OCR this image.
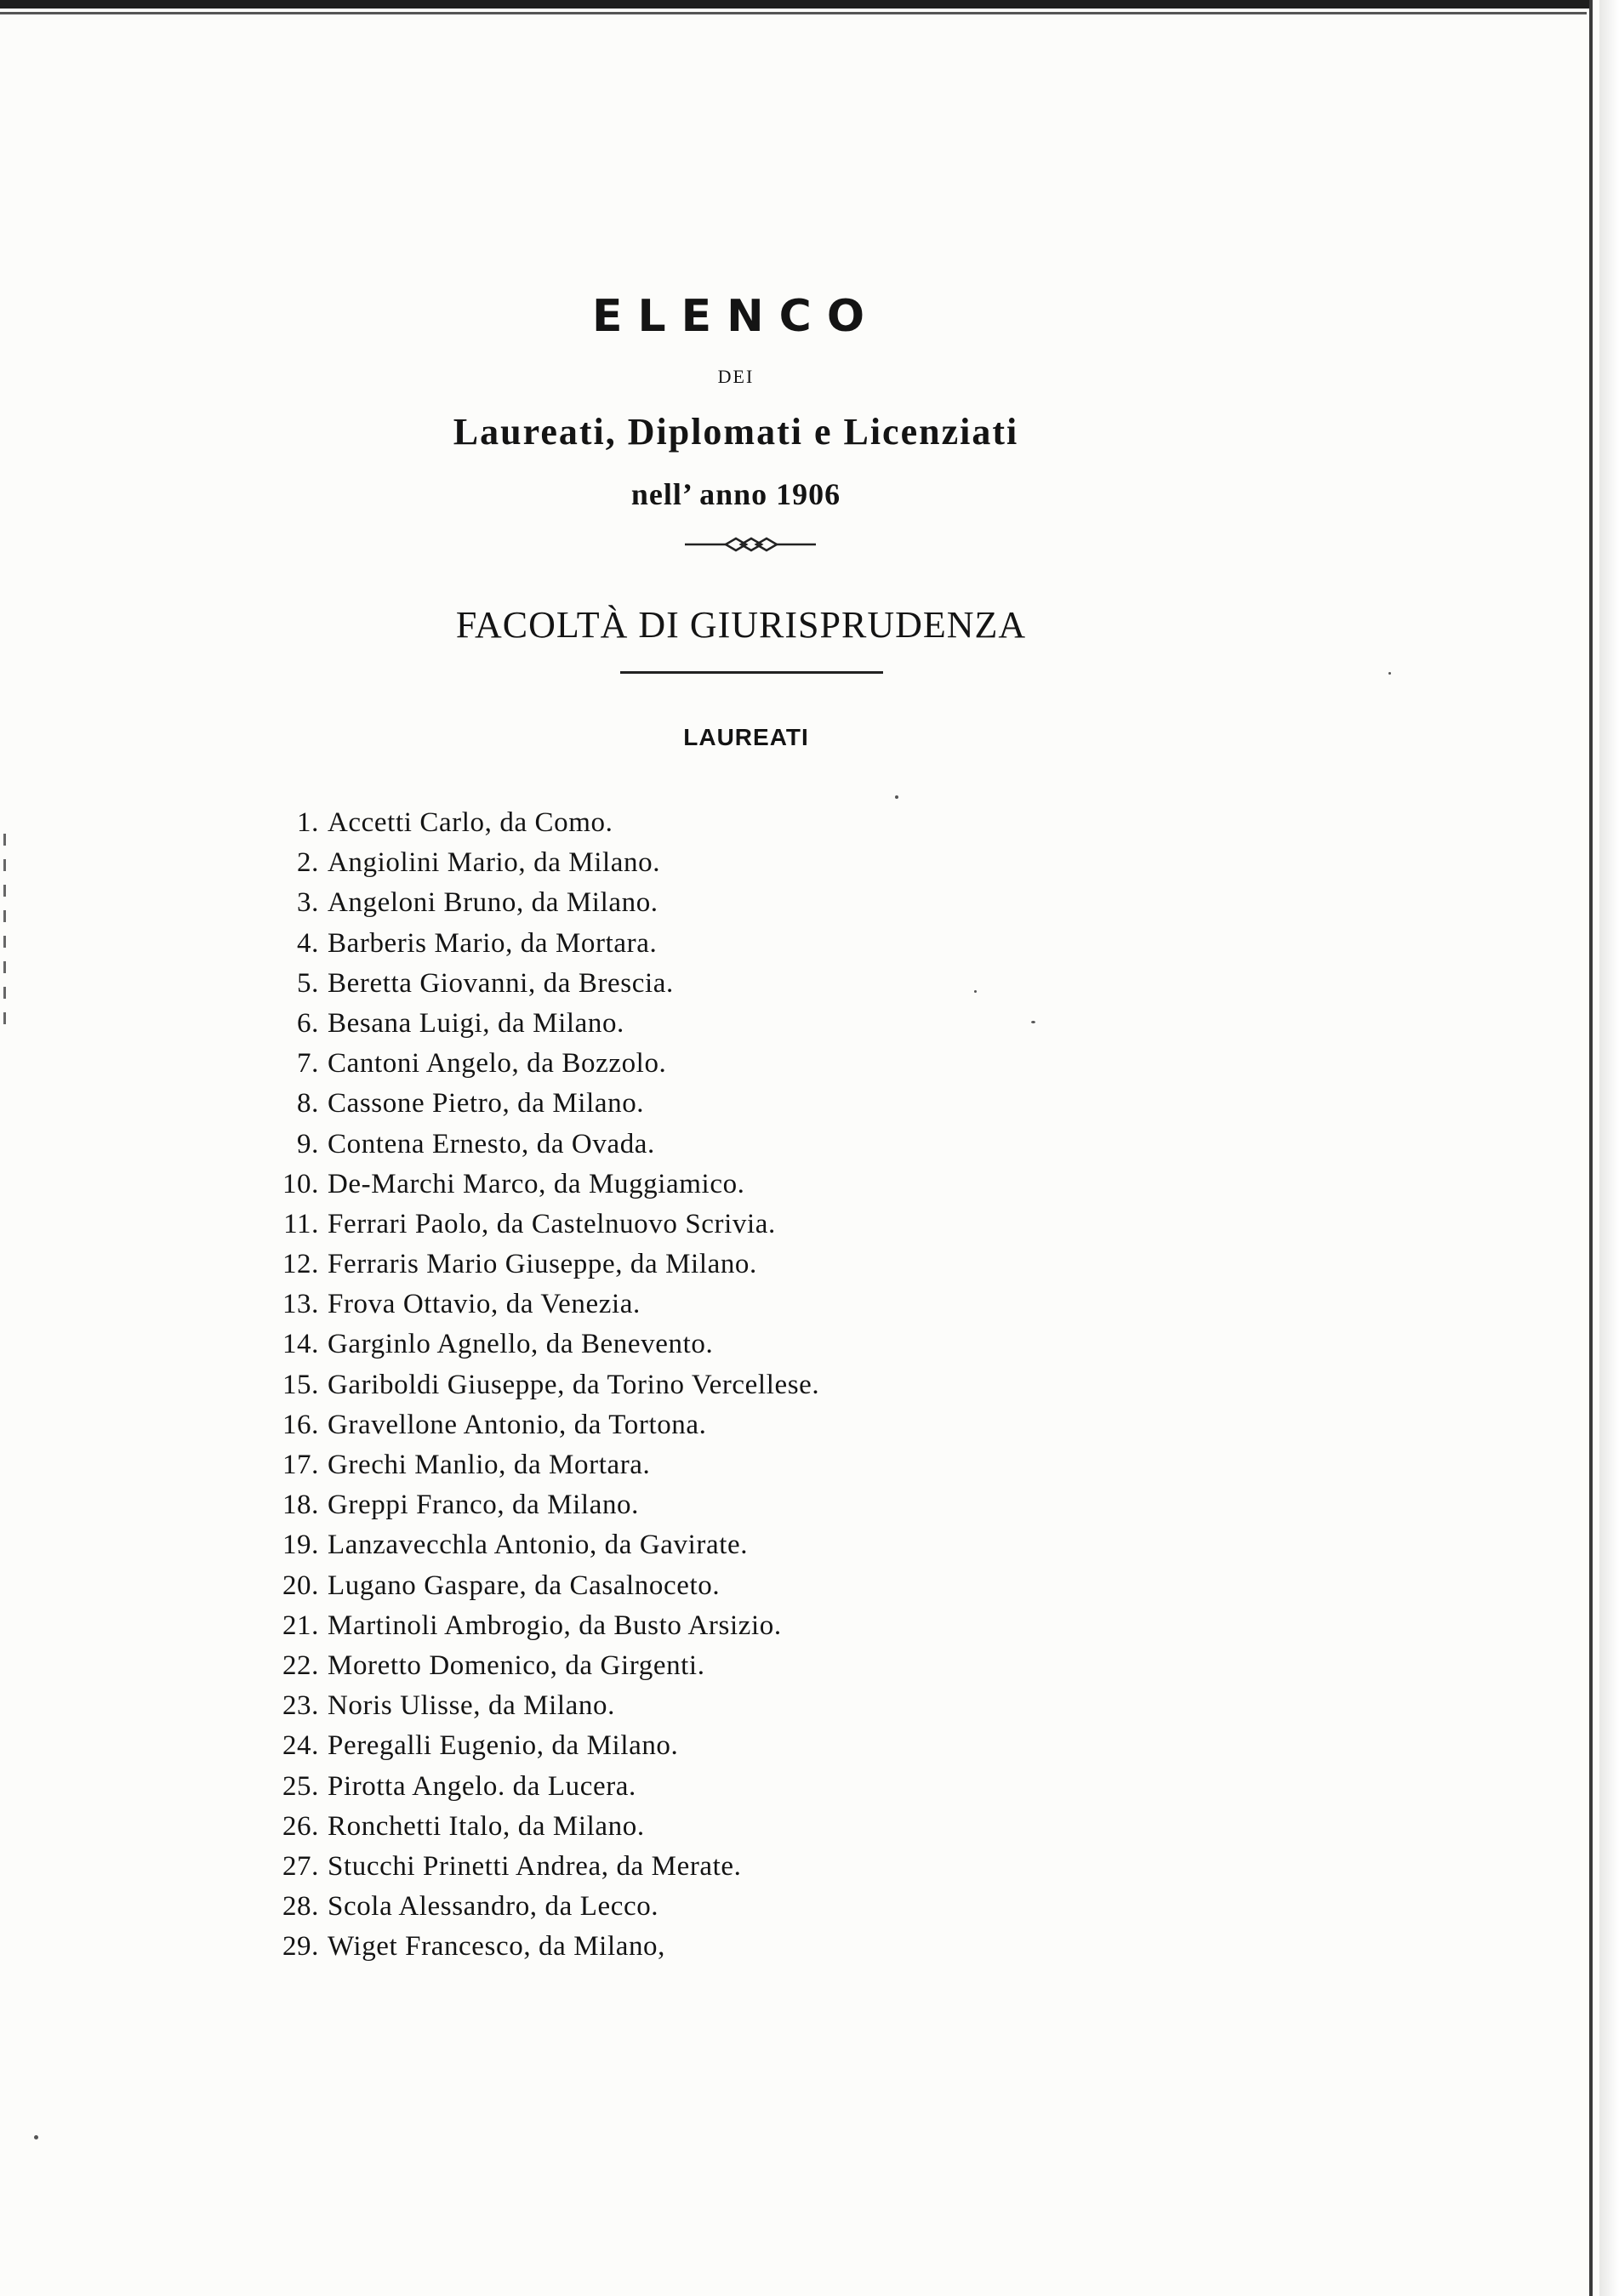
ELENCO
DEI
Laureati, Diplomati e Licenziati
nell’ anno 1906
FACOLTÀ DI GIURISPRUDENZA
LAUREATI
1. Accetti Carlo, da Como.
2. Angiolini Mario, da Milano.
3. Angeloni Bruno, da Milano.
4. Barberis Mario, da Mortara.
5. Beretta Giovanni, da Brescia.
6. Besana Luigi, da Milano.
7. Cantoni Angelo, da Bozzolo.
8. Cassone Pietro, da Milano.
9. Contena Ernesto, da Ovada.
10. De-Marchi Marco, da Muggiamico.
11. Ferrari Paolo, da Castelnuovo Scrivia.
12. Ferraris Mario Giuseppe, da Milano.
13. Frova Ottavio, da Venezia.
14. Garginlo Agnello, da Benevento.
15. Gariboldi Giuseppe, da Torino Vercellese.
16. Gravellone Antonio, da Tortona.
17. Grechi Manlio, da Mortara.
18. Greppi Franco, da Milano.
19. Lanzavecchla Antonio, da Gavirate.
20. Lugano Gaspare, da Casalnoceto.
21. Martinoli Ambrogio, da Busto Arsizio.
22. Moretto Domenico, da Girgenti.
23. Noris Ulisse, da Milano.
24. Peregalli Eugenio, da Milano.
25. Pirotta Angelo. da Lucera.
26. Ronchetti Italo, da Milano.
27. Stucchi Prinetti Andrea, da Merate.
28. Scola Alessandro, da Lecco.
29. Wiget Francesco, da Milano,
